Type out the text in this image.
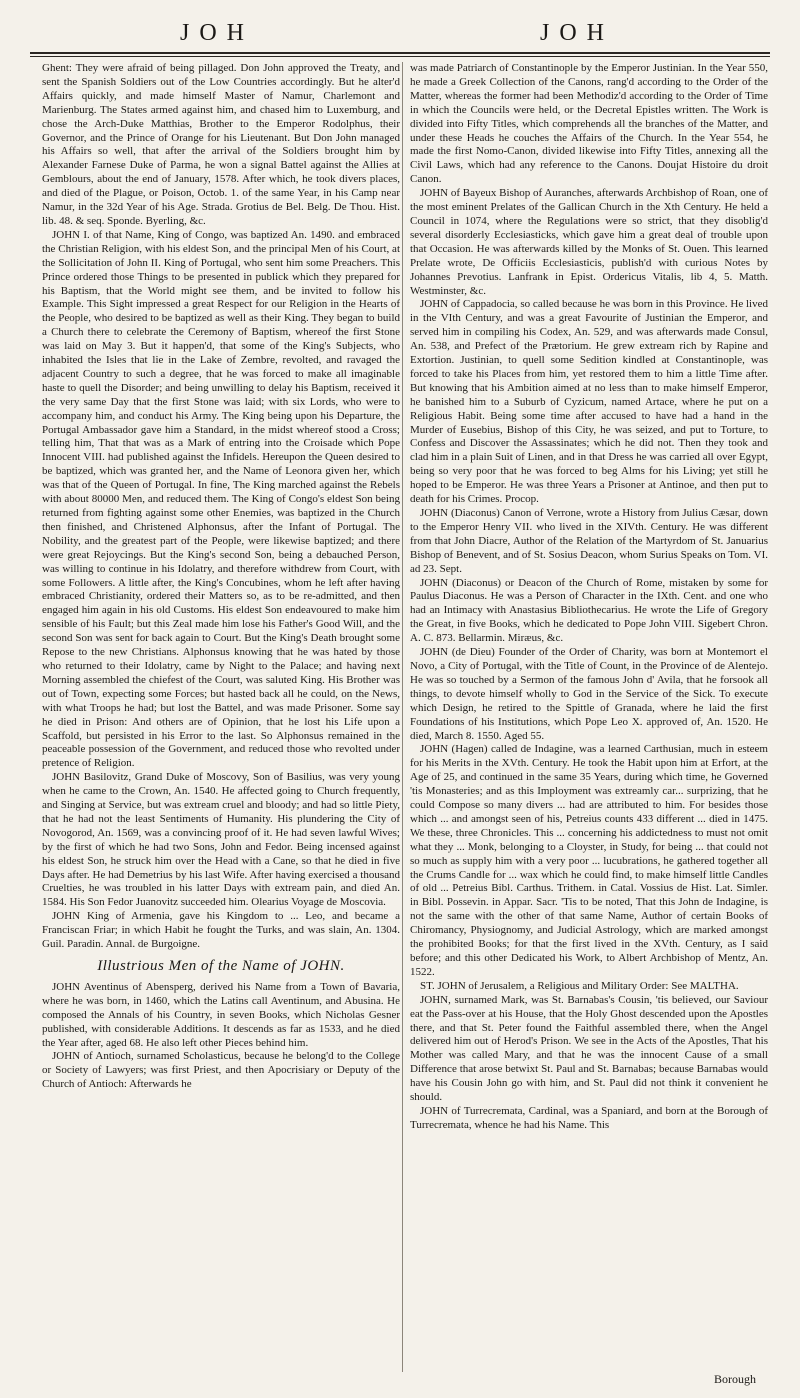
JOH	JOH

Ghent: They were afraid of being pillaged. Don John approved the Treaty, and sent the Spanish Soldiers out of the Low Countries accordingly. But he alter'd Affairs quickly, and made himself Master of Namur, Charlemont and Marienburg. The States armed against him, and chased him to Luxemburg, and chose the Arch-Duke Matthias, Brother to the Emperor Rodolphus, their Governor, and the Prince of Orange for his Lieutenant. But Don John managed his Affairs so well, that after the arrival of the Soldiers brought him by Alexander Farnese Duke of Parma, he won a signal Battel against the Allies at Gemblours, about the end of January, 1578. After which, he took divers places, and died of the Plague, or Poison, Octob. 1. of the same Year, in his Camp near Namur, in the 32d Year of his Age. Strada. Grotius de Bel. Belg. De Thou. Hist. lib. 48. & seq. Sponde. Byerling, &c.

JOHN I. of that Name, King of Congo, was baptized An. 1490. and embraced the Christian Religion, with his eldest Son, and the principal Men of his Court, at the Sollicitation of John II. King of Portugal, who sent him some Preachers. This Prince ordered those Things to be presented in publick which they prepared for his Baptism, that the World might see them, and be invited to follow his Example. This Sight impressed a great Respect for our Religion in the Hearts of the People, who desired to be baptized as well as their King. They began to build a Church there to celebrate the Ceremony of Baptism, whereof the first Stone was laid on May 3. But it happen'd, that some of the King's Subjects, who inhabited the Isles that lie in the Lake of Zembre, revolted, and ravaged the adjacent Country to such a degree, that he was forced to make all imaginable haste to quell the Disorder; and being unwilling to delay his Baptism, received it the very same Day that the first Stone was laid; with six Lords, who were to accompany him, and conduct his Army. The King being upon his Departure, the Portugal Ambassador gave him a Standard, in the midst whereof stood a Cross; telling him, That that was as a Mark of entring into the Croisade which Pope Innocent VIII. had published against the Infidels. Hereupon the Queen desired to be baptized, which was granted her, and the Name of Leonora given her, which was that of the Queen of Portugal. In fine, The King marched against the Rebels with about 80000 Men, and reduced them. The King of Congo's eldest Son being returned from fighting against some other Enemies, was baptized in the Church then finished, and Christened Alphonsus, after the Infant of Portugal. The Nobility, and the greatest part of the People, were likewise baptized; and there were great Rejoycings. But the King's second Son, being a debauched Person, was willing to continue in his Idolatry, and therefore withdrew from Court, with some Followers. A little after, the King's Concubines, whom he left after having embraced Christianity, ordered their Matters so, as to be re-admitted, and then engaged him again in his old Customs. His eldest Son endeavoured to make him sensible of his Fault; but this Zeal made him lose his Father's Good Will, and the second Son was sent for back again to Court. But the King's Death brought some Repose to the new Christians. Alphonsus knowing that he was hated by those who returned to their Idolatry, came by Night to the Palace; and having next Morning assembled the chiefest of the Court, was saluted King. His Brother was out of Town, expecting some Forces; but hasted back all he could, on the News, with what Troops he had; but lost the Battel, and was made Prisoner. Some say he died in Prison: And others are of Opinion, that he lost his Life upon a Scaffold, but persisted in his Error to the last. So Alphonsus remained in the peaceable possession of the Government, and reduced those who revolted under pretence of Religion.

JOHN Basilovitz, Grand Duke of Moscovy, Son of Basilius, was very young when he came to the Crown, An. 1540. He affected going to Church frequently, and Singing at Service, but was extream cruel and bloody; and had so little Piety, that he had not the least Sentiments of Humanity. His plundering the City of Novogorod, An. 1569, was a convincing proof of it. He had seven lawful Wives; by the first of which he had two Sons, John and Fedor. Being incensed against his eldest Son, he struck him over the Head with a Cane, so that he died in five Days after. He had Demetrius by his last Wife. After having exercised a thousand Cruelties, he was troubled in his latter Days with extream pain, and died An. 1584. His Son Fedor Juanovitz succeeded him. Olearius Voyage de Moscovia.

JOHN King of Armenia, gave his Kingdom to ... Leo, and became a Franciscan Friar; in which Habit he fought the Turks, and was slain, An. 1304. Guil. Paradin. Annal. de Burgoigne.

Illustrious Men of the Name of JOHN.

JOHN Aventinus of Abensperg, derived his Name from a Town of Bavaria, where he was born, in 1460, which the Latins call Aventinum, and Abusina. He composed the Annals of his Country, in seven Books, which Nicholas Gesner published, with considerable Additions. It descends as far as 1533, and he died the Year after, aged 68. He also left other Pieces behind him.

JOHN of Antioch, surnamed Scholasticus, because he belong'd to the College or Society of Lawyers; was first Priest, and then Apocrisiary or Deputy of the Church of Antioch: Afterwards he

was made Patriarch of Constantinople by the Emperor Justinian. In the Year 550, he made a Greek Collection of the Canons, rang'd according to the Order of the Matter, whereas the former had been Methodiz'd according to the Order of Time in which the Councils were held, or the Decretal Epistles written. The Work is divided into Fifty Titles, which comprehends all the branches of the Matter, and under these Heads he couches the Affairs of the Church. In the Year 554, he made the first Nomo-Canon, divided likewise into Fifty Titles, annexing all the Civil Laws, which had any reference to the Canons. Doujat Histoire du droit Canon.

JOHN of Bayeux Bishop of Auranches, afterwards Archbishop of Roan, one of the most eminent Prelates of the Gallican Church in the Xth Century. He held a Council in 1074, where the Regulations were so strict, that they disoblig'd several disorderly Ecclesiasticks, which gave him a great deal of trouble upon that Occasion. He was afterwards killed by the Monks of St. Ouen. This learned Prelate wrote, De Officiis Ecclesiasticis, publish'd with curious Notes by Johannes Prevotius. Lanfrank in Epist. Ordericus Vitalis, lib 4, 5. Matth. Westminster, &c.

JOHN of Cappadocia, so called because he was born in this Province. He lived in the VIth Century, and was a great Favourite of Justinian the Emperor, and served him in compiling his Codex, An. 529, and was afterwards made Consul, An. 538, and Prefect of the Prætorium. He grew extream rich by Rapine and Extortion. Justinian, to quell some Sedition kindled at Constantinople, was forced to take his Places from him, yet restored them to him a little Time after. But knowing that his Ambition aimed at no less than to make himself Emperor, he banished him to a Suburb of Cyzicum, named Artace, where he put on a Religious Habit. Being some time after accused to have had a hand in the Murder of Eusebius, Bishop of this City, he was seized, and put to Torture, to Confess and Discover the Assassinates; which he did not. Then they took and clad him in a plain Suit of Linen, and in that Dress he was carried all over Egypt, being so very poor that he was forced to beg Alms for his Living; yet still he hoped to be Emperor. He was three Years a Prisoner at Antinoe, and then put to death for his Crimes. Procop.

JOHN (Diaconus) Canon of Verrone, wrote a History from Julius Cæsar, down to the Emperor Henry VII. who lived in the XIVth. Century. He was different from that John Diacre, Author of the Relation of the Martyrdom of St. Januarius Bishop of Benevent, and of St. Sosius Deacon, whom Surius Speaks on Tom. VI. ad 23. Sept.

JOHN (Diaconus) or Deacon of the Church of Rome, mistaken by some for Paulus Diaconus. He was a Person of Character in the IXth. Cent. and one who had an Intimacy with Anastasius Bibliothecarius. He wrote the Life of Gregory the Great, in five Books, which he dedicated to Pope John VIII. Sigebert Chron. A. C. 873. Bellarmin. Miræus, &c.

JOHN (de Dieu) Founder of the Order of Charity, was born at Montemort el Novo, a City of Portugal, with the Title of Count, in the Province of de Alentejo. He was so touched by a Sermon of the famous John d' Avila, that he forsook all things, to devote himself wholly to God in the Service of the Sick. To execute which Design, he retired to the Spittle of Granada, where he laid the first Foundations of his Institutions, which Pope Leo X. approved of, An. 1520. He died, March 8. 1550. Aged 55.

JOHN (Hagen) called de Indagine, was a learned Carthusian, much in esteem for his Merits in the XVth. Century. He took the Habit upon him at Erfort, at the Age of 25, and continued in the same 35 Years, during which time, he Governed 'tis Monasteries; and as this Imployment was extreamly car... surprizing, that he could Compose so many divers ... had are attributed to him. For besides those which ... and amongst seen of his, Petreius counts 433 different ... died in 1475. We these, three Chronicles. This ... concerning his addictedness to must not omit what they ... Monk, belonging to a Cloyster, in Study, for being ... that could not so much as supply him with a very poor ... lucubrations, he gathered together all the Crums Candle for ... wax which he could find, to make himself little Candles of old ... Petreius Bibl. Carthus. Trithem. in Catal. Vossius de Hist. Lat. Simler. in Bibl. Possevin. in Appar. Sacr. 'Tis to be noted, That this John de Indagine, is not the same with the other of that same Name, Author of certain Books of Chiromancy, Physiognomy, and Judicial Astrology, which are marked amongst the prohibited Books; for that the first lived in the XVth. Century, as I said before; and this other Dedicated his Work, to Albert Archbishop of Mentz, An. 1522.

ST. JOHN of Jerusalem, a Religious and Military Order: See MALTHA.

JOHN, surnamed Mark, was St. Barnabas's Cousin, 'tis believed, our Saviour eat the Pass-over at his House, that the Holy Ghost descended upon the Apostles there, and that St. Peter found the Faithful assembled there, when the Angel delivered him out of Herod's Prison. We see in the Acts of the Apostles, That his Mother was called Mary, and that he was the innocent Cause of a small Difference that arose betwixt St. Paul and St. Barnabas; because Barnabas would have his Cousin John go with him, and St. Paul did not think it convenient he should.

JOHN of Turrecremata, Cardinal, was a Spaniard, and born at the Borough of Turrecremata, whence he had his Name. This

Borough
